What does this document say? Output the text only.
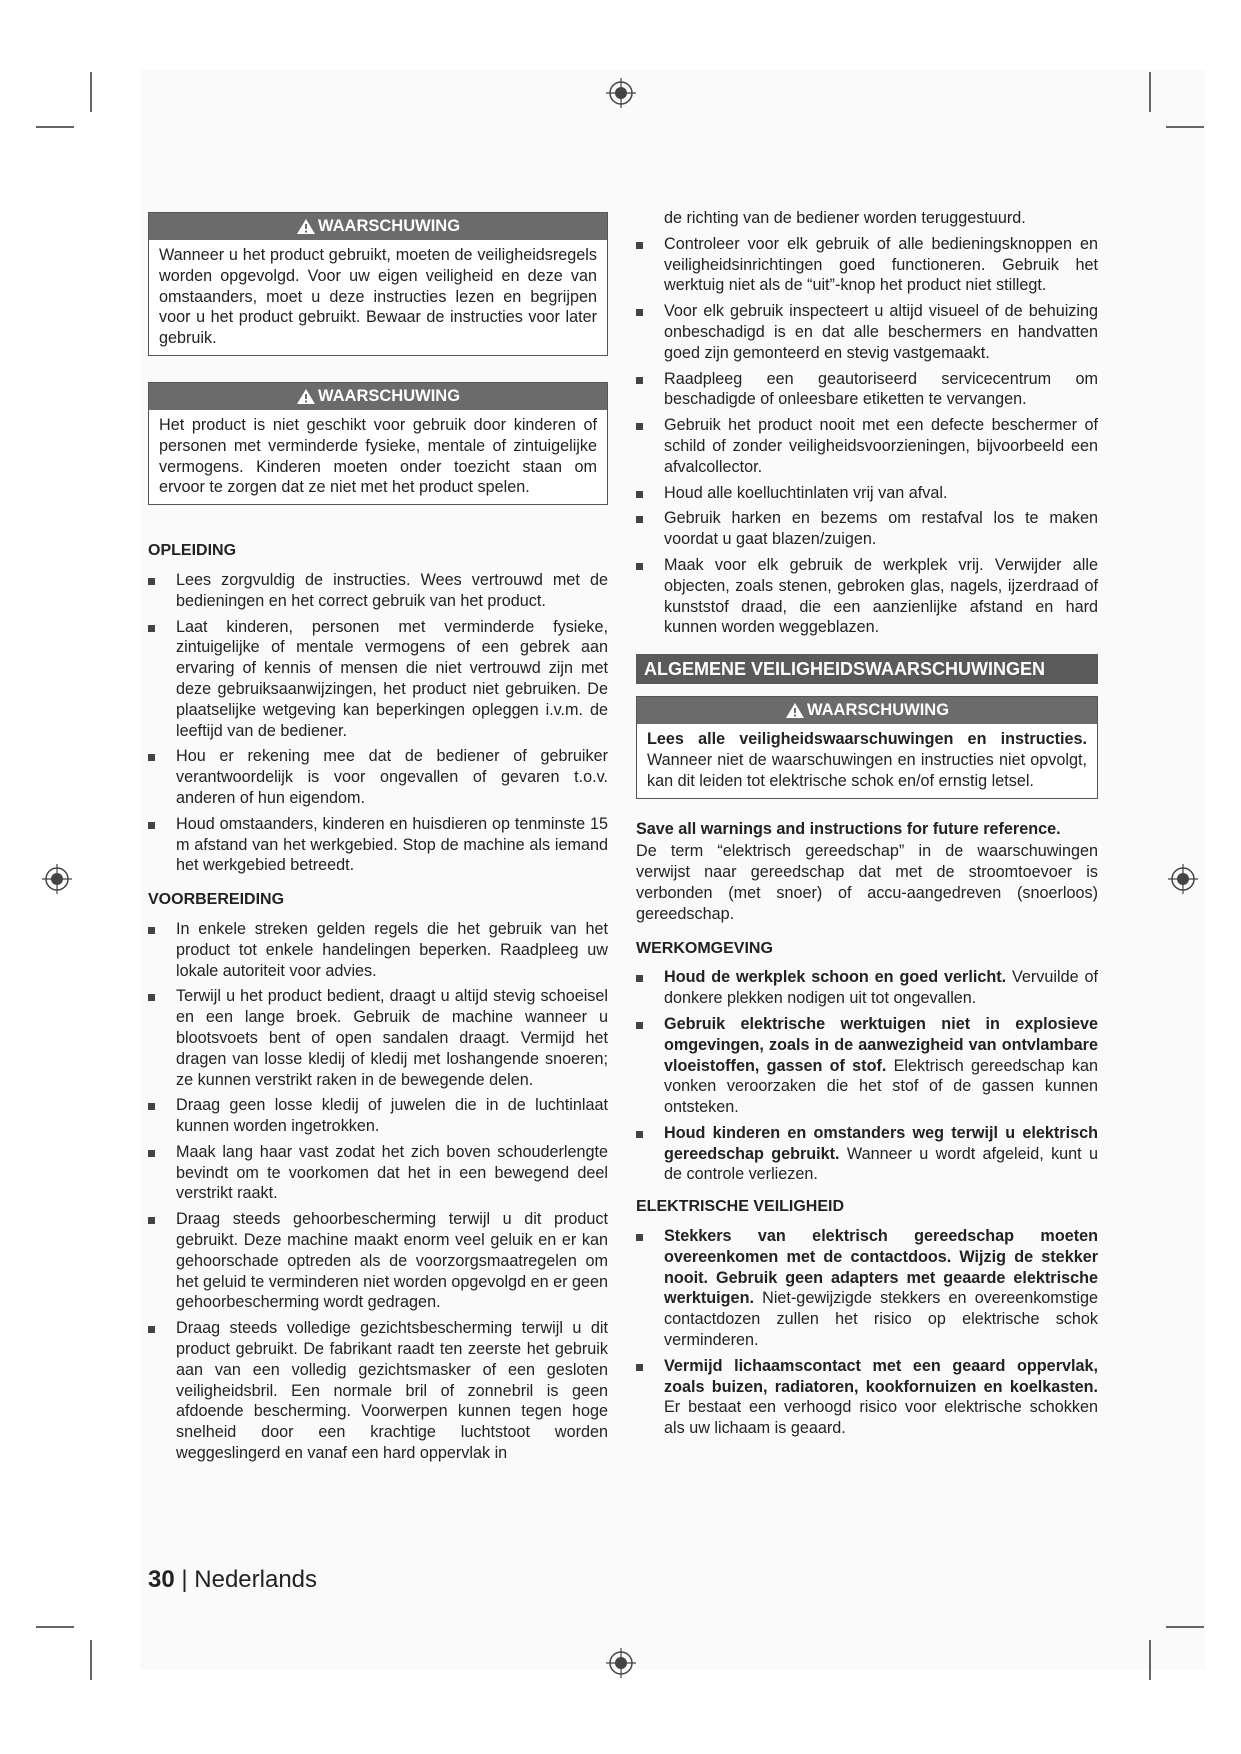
WAARSCHUWING
Wanneer u het product gebruikt, moeten de veiligheidsregels worden opgevolgd. Voor uw eigen veiligheid en deze van omstaanders, moet u deze instructies lezen en begrijpen voor u het product gebruikt. Bewaar de instructies voor later gebruik.
WAARSCHUWING
Het product is niet geschikt voor gebruik door kinderen of personen met verminderde fysieke, mentale of zintuigelijke vermogens. Kinderen moeten onder toezicht staan om ervoor te zorgen dat ze niet met het product spelen.
OPLEIDING
Lees zorgvuldig de instructies. Wees vertrouwd met de bedieningen en het correct gebruik van het product.
Laat kinderen, personen met verminderde fysieke, zintuigelijke of mentale vermogens of een gebrek aan ervaring of kennis of mensen die niet vertrouwd zijn met deze gebruiksaanwijzingen, het product niet gebruiken. De plaatselijke wetgeving kan beperkingen opleggen i.v.m. de leeftijd van de bediener.
Hou er rekening mee dat de bediener of gebruiker verantwoordelijk is voor ongevallen of gevaren t.o.v. anderen of hun eigendom.
Houd omstaanders, kinderen en huisdieren op tenminste 15 m afstand van het werkgebied. Stop de machine als iemand het werkgebied betreedt.
VOORBEREIDING
In enkele streken gelden regels die het gebruik van het product tot enkele handelingen beperken. Raadpleeg uw lokale autoriteit voor advies.
Terwijl u het product bedient, draagt u altijd stevig schoeisel en een lange broek. Gebruik de machine wanneer u blootsvoets bent of open sandalen draagt. Vermijd het dragen van losse kledij of kledij met loshangende snoeren; ze kunnen verstrikt raken in de bewegende delen.
Draag geen losse kledij of juwelen die in de luchtinlaat kunnen worden ingetrokken.
Maak lang haar vast zodat het zich boven schouderlengte bevindt om te voorkomen dat het in een bewegend deel verstrikt raakt.
Draag steeds gehoorbescherming terwijl u dit product gebruikt. Deze machine maakt enorm veel geluik en er kan gehoorschade optreden als de voorzorgsmaatregelen om het geluid te verminderen niet worden opgevolgd en er geen gehoorbescherming wordt gedragen.
Draag steeds volledige gezichtsbescherming terwijl u dit product gebruikt. De fabrikant raadt ten zeerste het gebruik aan van een volledig gezichtsmasker of een gesloten veiligheidsbril. Een normale bril of zonnebril is geen afdoende bescherming. Voorwerpen kunnen tegen hoge snelheid door een krachtige luchtstoot worden weggeslingerd en vanaf een hard oppervlak in
de richting van de bediener worden teruggestuurd.
Controleer voor elk gebruik of alle bedieningsknoppen en veiligheidsinrichtingen goed functioneren. Gebruik het werktuig niet als de “uit”-knop het product niet stillegt.
Voor elk gebruik inspecteert u altijd visueel of de behuizing onbeschadigd is en dat alle beschermers en handvatten goed zijn gemonteerd en stevig vastgemaakt.
Raadpleeg een geautoriseerd servicecentrum om beschadigde of onleesbare etiketten te vervangen.
Gebruik het product nooit met een defecte beschermer of schild of zonder veiligheidsvoorzieningen, bijvoorbeeld een afvalcollector.
Houd alle koelluchtinlaten vrij van afval.
Gebruik harken en bezems om restafval los te maken voordat u gaat blazen/zuigen.
Maak voor elk gebruik de werkplek vrij. Verwijder alle objecten, zoals stenen, gebroken glas, nagels, ijzerdraad of kunststof draad, die een aanzienlijke afstand en hard kunnen worden weggeblazen.
ALGEMENE VEILIGHEIDSWAARSCHUWINGEN
WAARSCHUWING
Lees alle veiligheidswaarschuwingen en instructies. Wanneer niet de waarschuwingen en instructies niet opvolgt, kan dit leiden tot elektrische schok en/of ernstig letsel.
Save all warnings and instructions for future reference.
De term “elektrisch gereedschap” in de waarschuwingen verwijst naar gereedschap dat met de stroomtoevoer is verbonden (met snoer) of accu-aangedreven (snoerloos) gereedschap.
WERKOMGEVING
Houd de werkplek schoon en goed verlicht. Vervuilde of donkere plekken nodigen uit tot ongevallen.
Gebruik elektrische werktuigen niet in explosieve omgevingen, zoals in de aanwezigheid van ontvlambare vloeistoffen, gassen of stof. Elektrisch gereedschap kan vonken veroorzaken die het stof of de gassen kunnen ontsteken.
Houd kinderen en omstanders weg terwijl u elektrisch gereedschap gebruikt. Wanneer u wordt afgeleid, kunt u de controle verliezen.
ELEKTRISCHE VEILIGHEID
Stekkers van elektrisch gereedschap moeten overeenkomen met de contactdoos. Wijzig de stekker nooit. Gebruik geen adapters met geaarde elektrische werktuigen. Niet-gewijzigde stekkers en overeenkomstige contactdozen zullen het risico op elektrische schok verminderen.
Vermijd lichaamscontact met een geaard oppervlak, zoals buizen, radiatoren, kookfornuizen en koelkasten. Er bestaat een verhoogd risico voor elektrische schokken als uw lichaam is geaard.
30 | Nederlands
